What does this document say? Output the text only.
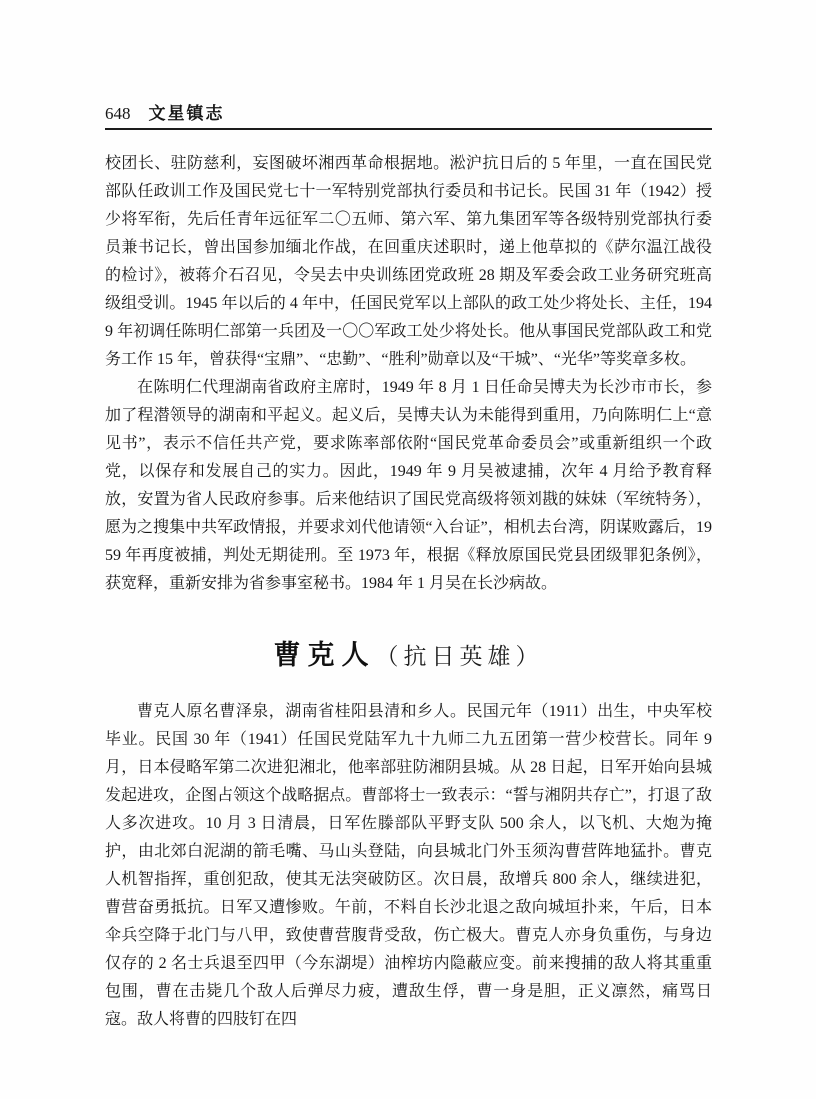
648 文星镇志

校团长、驻防慈利，妄图破坏湘西革命根据地。淞沪抗日后的 5 年里，一直在国民党部队任政训工作及国民党七十一军特别党部执行委员和书记长。民国 31 年（1942）授少将军衔，先后任青年远征军二〇五师、第六军、第九集团军等各级特别党部执行委员兼书记长，曾出国参加缅北作战，在回重庆述职时，递上他草拟的《萨尔温江战役的检讨》，被蒋介石召见，令吴去中央训练团党政班 28 期及军委会政工业务研究班高级组受训。1945 年以后的 4 年中，任国民党军以上部队的政工处少将处长、主任，1949 年初调任陈明仁部第一兵团及一〇〇军政工处少将处长。他从事国民党部队政工和党务工作 15 年，曾获得“宝鼎”、“忠勤”、“胜利”勋章以及“干城”、“光华”等奖章多枚。

在陈明仁代理湖南省政府主席时，1949 年 8 月 1 日任命吴博夫为长沙市市长，参加了程潜领导的湖南和平起义。起义后，吴博夫认为未能得到重用，乃向陈明仁上“意见书”，表示不信任共产党，要求陈率部依附“国民党革命委员会”或重新组织一个政党，以保存和发展自己的实力。因此，1949 年 9 月吴被逮捕，次年 4 月给予教育释放，安置为省人民政府参事。后来他结识了国民党高级将领刘戡的妹妹（军统特务），愿为之搜集中共军政情报，并要求刘代他请领“入台证”，相机去台湾，阴谋败露后，1959 年再度被捕，判处无期徒刑。至 1973 年，根据《释放原国民党县团级罪犯条例》，获宽释，重新安排为省参事室秘书。1984 年 1 月吴在长沙病故。

曹克人（抗日英雄）

曹克人原名曹泽泉，湖南省桂阳县清和乡人。民国元年（1911）出生，中央军校毕业。民国 30 年（1941）任国民党陆军九十九师二九五团第一营少校营长。同年 9 月，日本侵略军第二次进犯湘北，他率部驻防湘阴县城。从 28 日起，日军开始向县城发起进攻，企图占领这个战略据点。曹部将士一致表示：“誓与湘阴共存亡”，打退了敌人多次进攻。10 月 3 日清晨，日军佐滕部队平野支队 500 余人，以飞机、大炮为掩护，由北郊白泥湖的箭毛嘴、马山头登陆，向县城北门外玉须沟曹营阵地猛扑。曹克人机智指挥，重创犯敌，使其无法突破防区。次日晨，敌增兵 800 余人，继续进犯，曹营奋勇抵抗。日军又遭惨败。午前，不料自长沙北退之敌向城垣扑来，午后，日本伞兵空降于北门与八甲，致使曹营腹背受敌，伤亡极大。曹克人亦身负重伤，与身边仅存的 2 名士兵退至四甲（今东湖堤）油榨坊内隐蔽应变。前来搜捕的敌人将其重重包围，曹在击毙几个敌人后弹尽力疲，遭敌生俘，曹一身是胆，正义凛然，痛骂日寇。敌人将曹的四肢钉在四
